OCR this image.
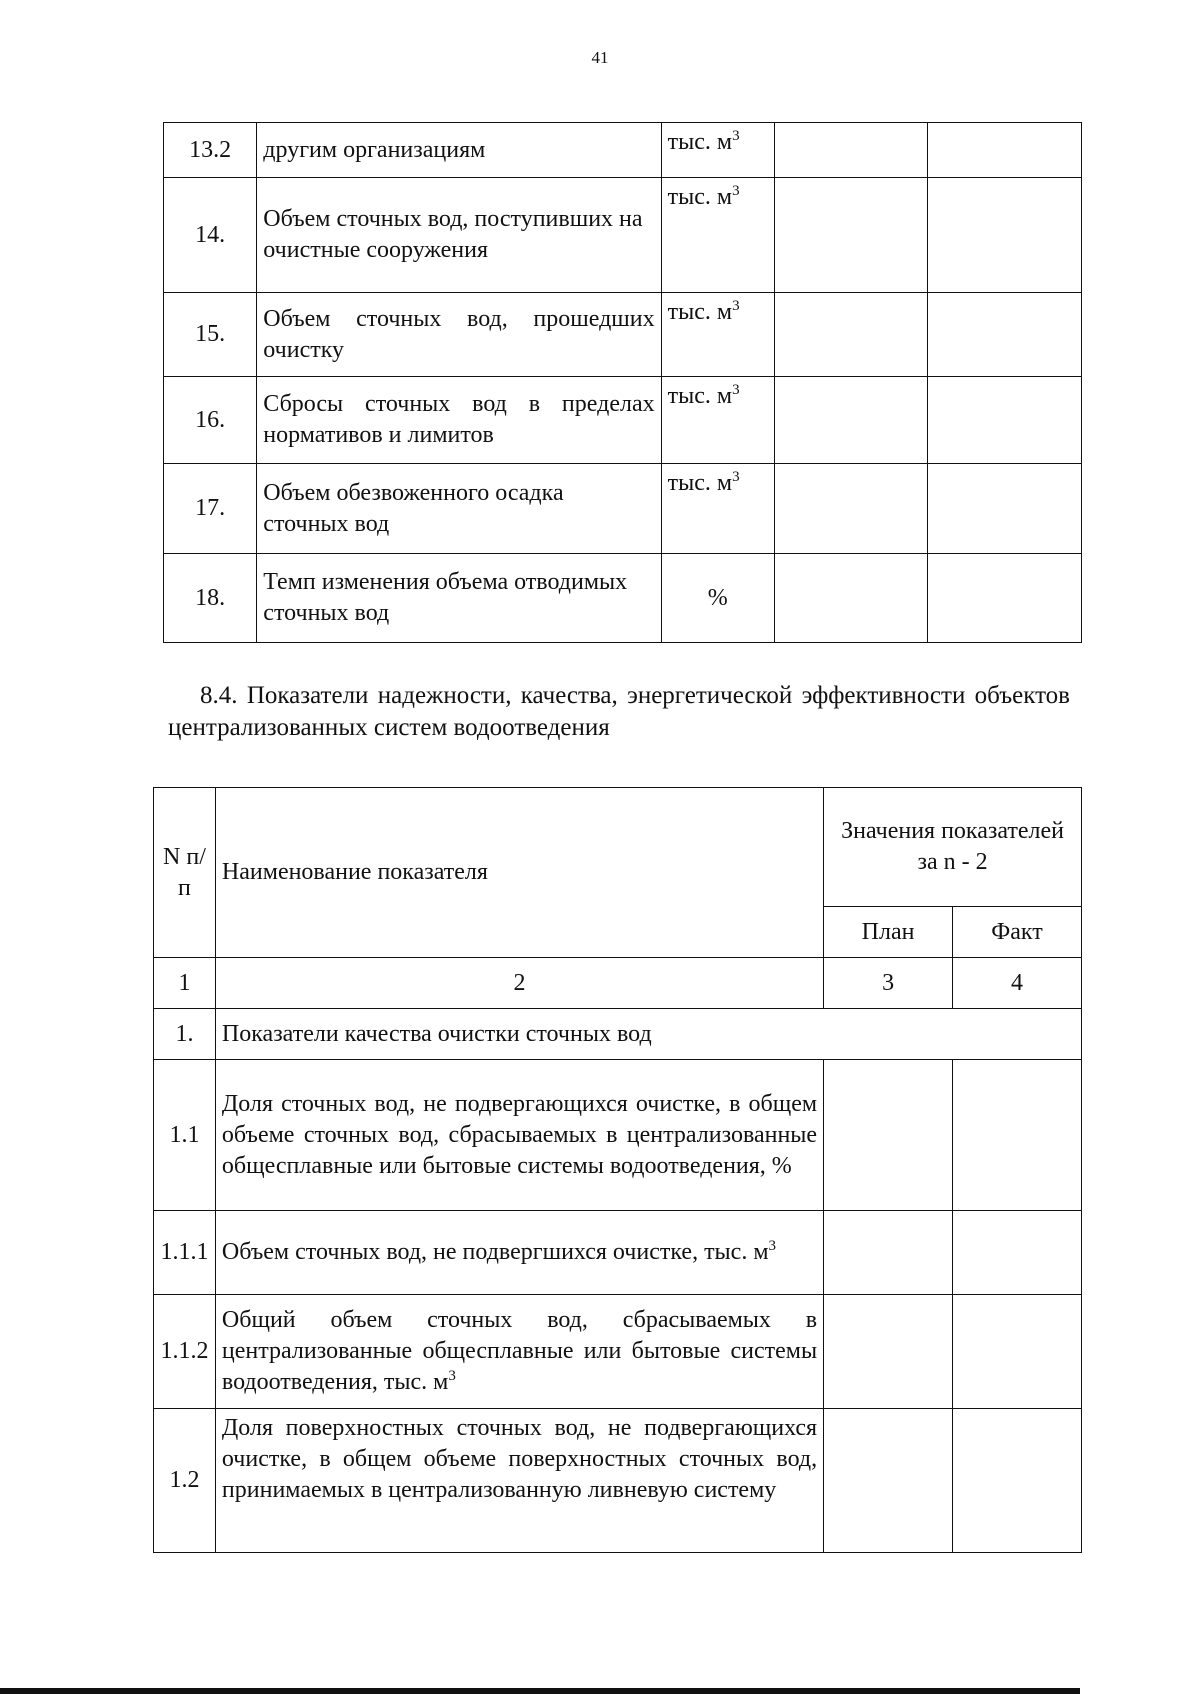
41
13.2	другим организациям	тыс. $м^3$		
14.	Объем сточных вод, поступивших на очистные сооружения	тыс. $м^3$		
15.	Объем сточных вод, прошедших очистку	тыс. $м^3$		
16.	Сбросы сточных вод в пределах нормативов и лимитов	тыс. $м^3$		
17.	Объем обезвоженного осадка сточных вод	тыс. $м^3$		
18.	Темп изменения объема отводимых сточных вод	%		

8.4. Показатели надежности, качества, энергетической эффективности объектов централизованных систем водоотведения

N п/п	Наименование показателя	Значения показателей за n - 2	
		План	Факт
1	2	3	4
1.	Показатели качества очистки сточных вод		
1.1	Доля сточных вод, не подвергающихся очистке, в общем объеме сточных вод, сбрасываемых в централизованные общесплавные или бытовые системы водоотведения, %		
1.1.1	Объем сточных вод, не подвергшихся очистке, тыс. $м^3$		
1.1.2	Общий объем сточных вод, сбрасываемых в централизованные общесплавные или бытовые системы водоотведения, тыс. $м^3$		
1.2	Доля поверхностных сточных вод, не подвергающихся очистке, в общем объеме поверхностных сточных вод, принимаемых в централизованную ливневую систему		
